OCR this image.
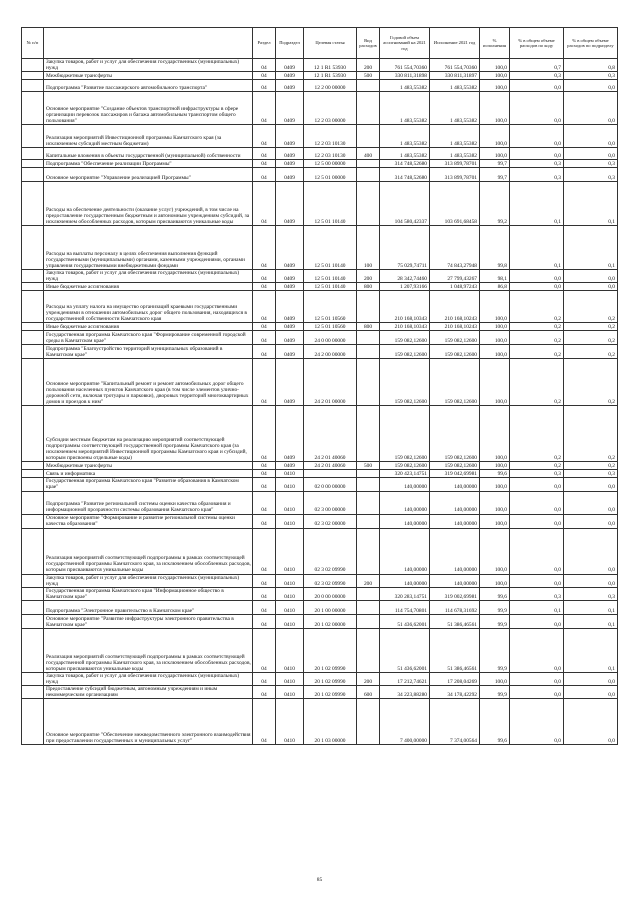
№ п/п		Раздел	Подраздел	Целевая статья	Вид расходов	Годовой объем ассигнований на 2021 год	Исполнение 2021 год	% исполнения	% в общем объеме расходов по коду	% в общем объеме расходов по подразделу
	Закупка товаров, работ и услуг для обеспечения государственных (муниципальных) нужд	04	0409	12 1 R1 53930	200	761 554,70360	761 554,70360	100,0	0,7	0,8
	Межбюджетные трансферты	04	0409	12 1 R1 53930	500	330 811,31898	330 811,31897	100,0	0,3	0,3
	Подпрограмма "Развитие пассажирского автомобильного транспорта"	04	0409	12 2 00 00000		1 483,55382	1 483,55382	100,0	0,0	0,0
	Основное мероприятие "Создание объектов транспортной инфраструктуры в сфере организации перевозок пассажиров и багажа автомобильным транспортом общего пользования"	04	0409	12 2 03 00000		1 483,55382	1 483,55382	100,0	0,0	0,0
	Реализация мероприятий Инвестиционной программы Камчатского края (за исключением субсидий местным бюджетам)	04	0409	12 2 03 10130		1 483,55382	1 483,55382	100,0	0,0	0,0
	Капитальные вложения в объекты государственной (муниципальной) собственности	04	0409	12 2 03 10130	400	1 483,55382	1 483,55382	100,0	0,0	0,0
	Подпрограмма "Обеспечение реализации Программы"	04	0409	12 5 00 00000		314 748,52680	313 899,78701	99,7	0,3	0,3
	Основное мероприятие "Управление реализацией Программы"	04	0409	12 5 01 00000		314 748,52680	313 899,78701	99,7	0,3	0,3
	Расходы на обеспечение деятельности (оказание услуг) учреждений, в том числе на предоставление государственным бюджетным и автономным учреждениям субсидий, за исключением обособленных расходов, которым присваиваются уникальные коды	04	0409	12 5 01 10140		104 580,42337	103 691,68458	99,2	0,1	0,1
	Расходы на выплаты персоналу в целях обеспечения выполнения функций государственными (муниципальными) органами, казенными учреждениями, органами управления государственными внебюджетными фондами	04	0409	12 5 01 10140	100	75 029,74711	74 843,27948	99,8	0,1	0,1
	Закупка товаров, работ и услуг для обеспечения государственных (муниципальных) нужд	04	0409	12 5 01 10140	200	28 342,74460	27 799,43267	98,1	0,0	0,0
	Иные бюджетные ассигнования	04	0409	12 5 01 10140	800	1 207,93166	1 048,97243	86,8	0,0	0,0
	Расходы на уплату налога на имущество организаций краевыми государственными учреждениями в отношении автомобильных дорог общего пользования, находящихся в государственной собственности Камчатского края	04	0409	12 5 01 10560		210 168,10343	210 168,10243	100,0	0,2	0,2
	Иные бюджетные ассигнования	04	0409	12 5 01 10560	800	210 168,10343	210 168,10243	100,0	0,2	0,2
	Государственная программа Камчатского края "Формирование современной городской среды в Камчатском крае"	04	0409	24 0 00 00000		159 082,12600	159 082,12600	100,0	0,2	0,2
	Подпрограмма "Благоустройство территорий муниципальных образований в Камчатском крае"	04	0409	24 2 00 00000		159 082,12600	159 082,12600	100,0	0,2	0,2
	Основное мероприятие "Капитальный ремонт и ремонт автомобильных дорог общего пользования населенных пунктов Камчатского края (в том числе элементов улично-дорожной сети, включая тротуары и парковки), дворовых территорий многоквартирных домов и проездов к ним"	04	0409	24 2 01 00000		159 082,12600	159 082,12600	100,0	0,2	0,2
	Субсидии местным бюджетам на реализацию мероприятий соответствующей подпрограммы соответствующей государственной программы Камчатского края (за исключением мероприятий Инвестиционной программы Камчатского края и субсидий, которым присвоены отдельные коды)	04	0409	24 2 01 40060		159 082,12600	159 082,12600	100,0	0,2	0,2
	Межбюджетные трансферты	04	0409	24 2 01 40060	500	159 082,12600	159 082,12600	100,0	0,2	0,2
	Связь и информатика	04	0410			320 423,14751	319 042,69981	99,6	0,3	0,3
	Государственная программа Камчатского края "Развитие образования в Камчатском крае"	04	0410	02 0 00 00000		140,00000	140,00000	100,0	0,0	0,0
	Подпрограмма "Развитие региональной системы оценки качества образования и информационной прозрачности системы образования Камчатского края"	04	0410	02 3 00 00000		140,00000	140,00000	100,0	0,0	0,0
	Основное мероприятие "Формирование и развитие региональной системы оценки качества образования"	04	0410	02 3 02 00000		140,00000	140,00000	100,0	0,0	0,0
	Реализация мероприятий соответствующей подпрограммы в рамках соответствующей государственной программы Камчатского края, за исключением обособленных расходов, которым присваиваются уникальные коды	04	0410	02 3 02 09990		140,00000	140,00000	100,0	0,0	0,0
	Закупка товаров, работ и услуг для обеспечения государственных (муниципальных) нужд	04	0410	02 3 02 09990	200	140,00000	140,00000	100,0	0,0	0,0
	Государственная программа Камчатского края "Информационное общество в Камчатском крае"	04	0410	20 0 00 00000		320 283,14751	319 002,69981	99,6	0,3	0,3
	Подпрограмма "Электронное правительство в Камчатском крае"	04	0410	20 1 00 00000		114 754,70801	114 678,31692	99,9	0,1	0,1
	Основное мероприятие "Развитие инфраструктуры электронного правительства в Камчатском крае"	04	0410	20 1 02 00000		51 436,62001	51 386,46561	99,9	0,0	0,1
	Реализация мероприятий соответствующей подпрограммы в рамках соответствующей государственной программы Камчатского края, за исключением обособленных расходов, которым присваиваются уникальные коды	04	0410	20 1 02 09990		51 436,62001	51 386,46561	99,9	0,0	0,1
	Закупка товаров, работ и услуг для обеспечения государственных (муниципальных) нужд	04	0410	20 1 02 09990	200	17 212,74621	17 208,04269	100,0	0,0	0,0
	Предоставление субсидий бюджетным, автономным учреждениям и иным некоммерческим организациям	04	0410	20 1 02 09990	600	34 223,88280	34 178,42292	99,9	0,0	0,0
	Основное мероприятие "Обеспечение межведомственного электронного взаимодействия при предоставлении государственных и муниципальных услуг"	04	0410	20 1 03 00000		7 400,00000	7 374,00564	99,6	0,0	0,0
85
